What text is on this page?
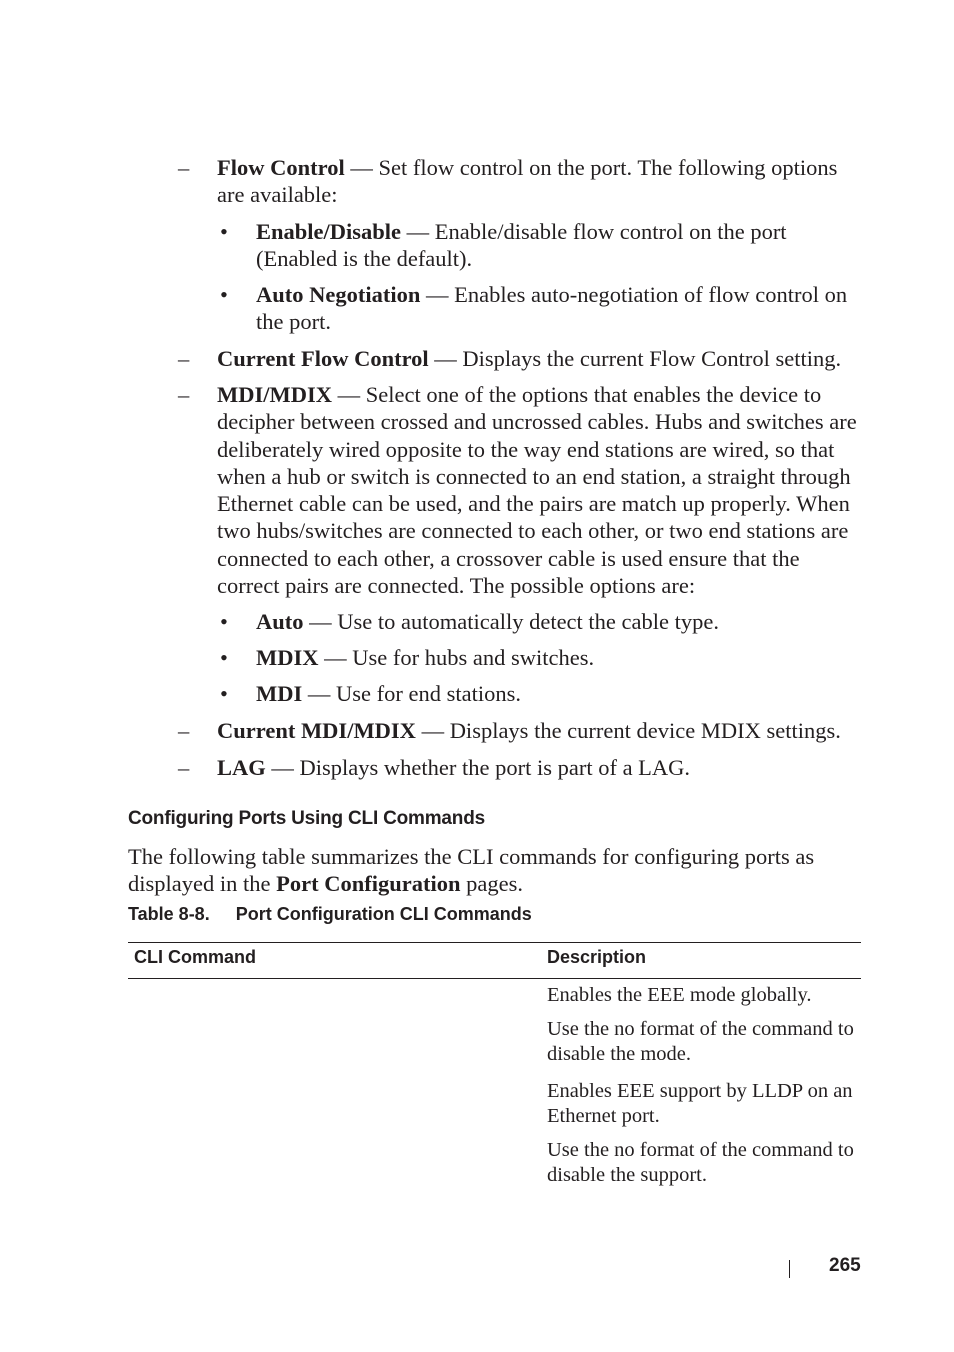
– Flow Control — Set flow control on the port. The following options are available:
• Enable/Disable — Enable/disable flow control on the port (Enabled is the default).
• Auto Negotiation — Enables auto-negotiation of flow control on the port.
– Current Flow Control — Displays the current Flow Control setting.
– MDI/MDIX — Select one of the options that enables the device to decipher between crossed and uncrossed cables. Hubs and switches are deliberately wired opposite to the way end stations are wired, so that when a hub or switch is connected to an end station, a straight through Ethernet cable can be used, and the pairs are match up properly. When two hubs/switches are connected to each other, or two end stations are connected to each other, a crossover cable is used ensure that the correct pairs are connected. The possible options are:
• Auto — Use to automatically detect the cable type.
• MDIX — Use for hubs and switches.
• MDI — Use for end stations.
– Current MDI/MDIX — Displays the current device MDIX settings.
– LAG — Displays whether the port is part of a LAG.
Configuring Ports Using CLI Commands
The following table summarizes the CLI commands for configuring ports as displayed in the Port Configuration pages.
Table 8-8. Port Configuration CLI Commands
CLI Command	Description
Enables the EEE mode globally.
Use the no format of the command to disable the mode.
Enables EEE support by LLDP on an Ethernet port.
Use the no format of the command to disable the support.
265
